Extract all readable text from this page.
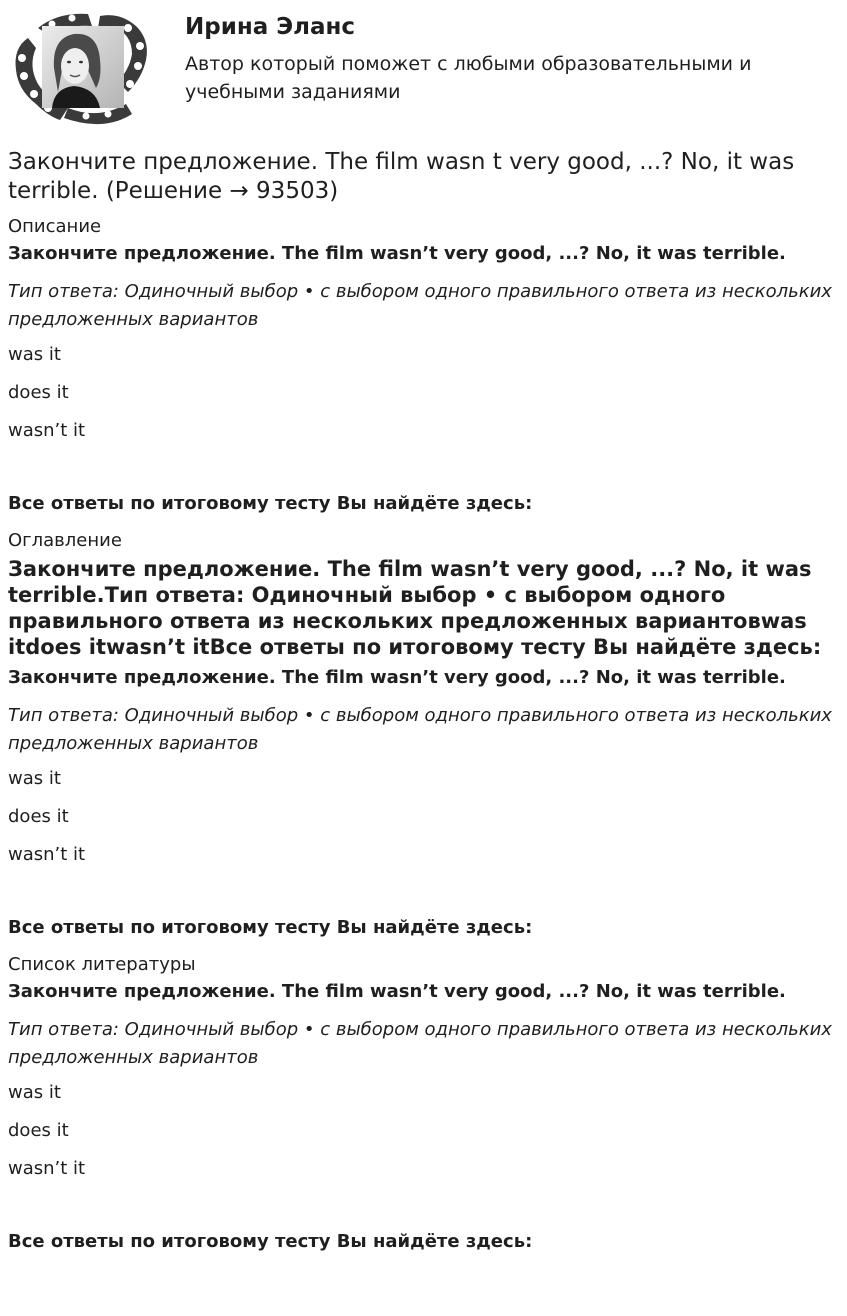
Ирина Эланс
Автор который поможет с любыми образовательными и учебными заданиями
Закончите предложение. The film wasn t very good, ...? No, it was terrible. (Решение → 93503)
Описание
Закончите предложение. The film wasn’t very good, ...? No, it was terrible.
Тип ответа: Одиночный выбор • с выбором одного правильного ответа из нескольких предложенных вариантов
was it
does it
wasn’t it
Все ответы по итоговому тесту Вы найдёте здесь:
Оглавление
Закончите предложение. The film wasn’t very good, ...? No, it was terrible.Тип ответа: Одиночный выбор • с выбором одного правильного ответа из нескольких предложенных вариантовwas itdoes itwasn’t itВсе ответы по итоговому тесту Вы найдёте здесь:
Закончите предложение. The film wasn’t very good, ...? No, it was terrible.
Тип ответа: Одиночный выбор • с выбором одного правильного ответа из нескольких предложенных вариантов
was it
does it
wasn’t it
Все ответы по итоговому тесту Вы найдёте здесь:
Список литературы
Закончите предложение. The film wasn’t very good, ...? No, it was terrible.
Тип ответа: Одиночный выбор • с выбором одного правильного ответа из нескольких предложенных вариантов
was it
does it
wasn’t it
Все ответы по итоговому тесту Вы найдёте здесь:
